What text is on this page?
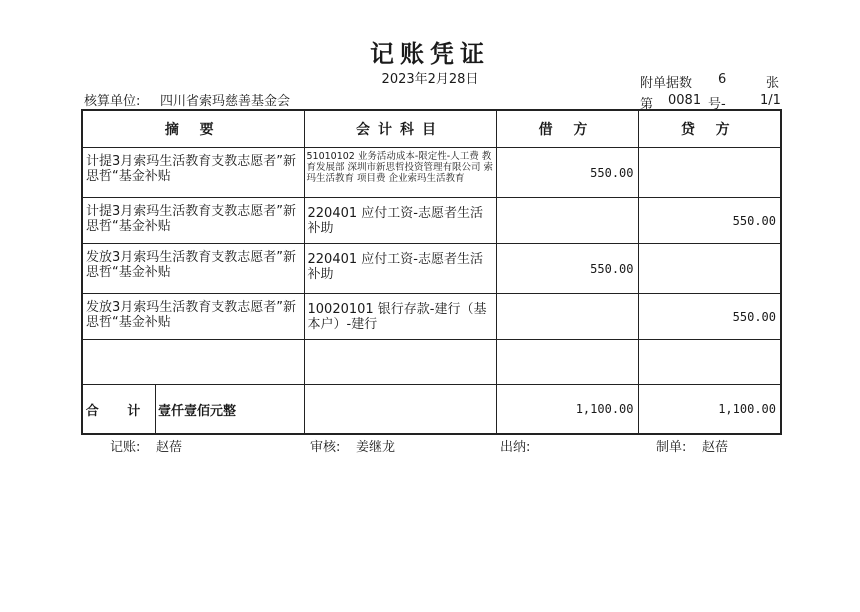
记账凭证
2023年2月28日	附单据数 6	张
核算单位: 四川省索玛慈善基金会	第 0081 号-	1/1
摘 要	会计科目	借 方	贷 方
计提3月索玛生活教育支教志愿者”新思哲“基金补贴	51010102 业务活动成本-限定性-人工费 教育发展部 深圳市新思哲投资管理有限公司 索玛生活教育 项目费 企业索玛生活教育	550.00	
计提3月索玛生活教育支教志愿者”新思哲“基金补贴	220401 应付工资-志愿者生活补助		550.00
发放3月索玛生活教育支教志愿者”新思哲“基金补贴	220401 应付工资-志愿者生活补助	550.00	
发放3月索玛生活教育支教志愿者”新思哲“基金补贴	10020101 银行存款-建行（基本户）-建行		550.00

合 计 壹仟壹佰元整		1,100.00	1,100.00
记账: 赵蓓	审核: 姜继龙	出纳:	制单: 赵蓓
